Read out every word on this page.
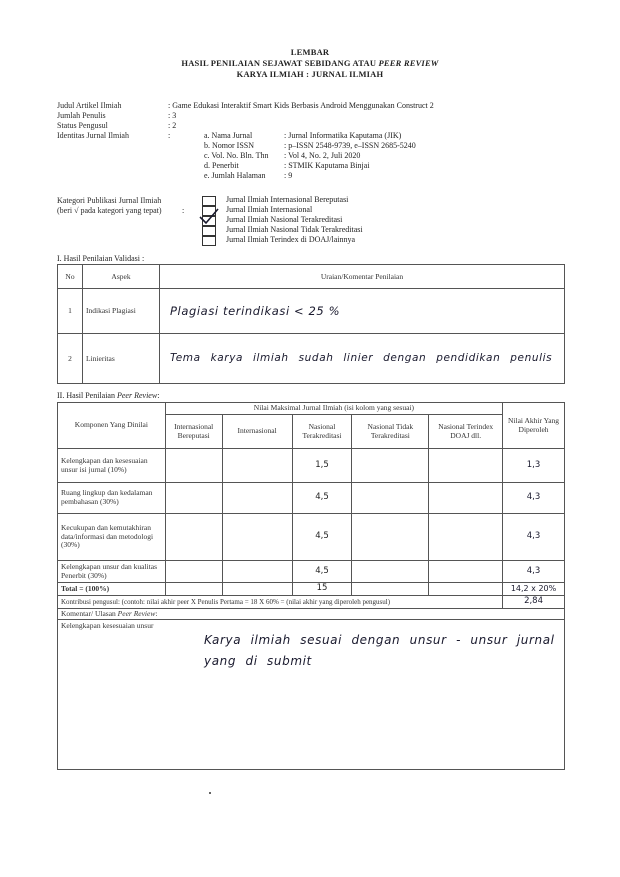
LEMBAR
HASIL PENILAIAN SEJAWAT SEBIDANG ATAU PEER REVIEW
KARYA ILMIAH : JURNAL ILMIAH
Judul Artikel Ilmiah	: Game Edukasi Interaktif Smart Kids Berbasis Android Menggunakan Construct 2
Jumlah Penulis	: 3
Status Pengusul	: 2
Identitas Jurnal Ilmiah	:	a. Nama Jurnal	: Jurnal Informatika Kaputama (JIK)
b. Nomor ISSN	: p–ISSN 2548-9739, e–ISSN 2685-5240
c. Vol. No. Bln. Thn : Vol 4, No. 2, Juli 2020
d. Penerbit	: STMIK Kaputama Binjai
e. Jumlah Halaman : 9
Kategori Publikasi Jurnal Ilmiah
(beri √ pada kategori yang tepat)	:
Jurnal Ilmiah Internasional Bereputasi
Jurnal Ilmiah Internasional
Jurnal Ilmiah Nasional Terakreditasi
Jurnal Ilmiah Nasional Tidak Terakreditasi
Jurnal Ilmiah Terindex di DOAJ/lainnya
I. Hasil Penilaian Validasi :
No	Aspek	Uraian/Komentar Penilaian
1	Indikasi Plagiasi	Plagiasi terindikasi < 25 %
2	Linieritas	Tema karya ilmiah sudah linier dengan pendidikan penulis
II. Hasil Penilaian Peer Review:
Komponen Yang Dinilai	Nilai Maksimal Jurnal Ilmiah (isi kolom yang sesuai)					Nilai Akhir Yang Diperoleh
	Internasional Bereputasi	Internasional	Nasional Terakreditasi	Nasional Tidak Terakreditasi	Nasional Terindex DOAJ dll.	
Kelengkapan dan kesesuaian unsur isi jurnal (10%)			1,5			1,3
Ruang lingkup dan kedalaman pembahasan (30%)			4,5			4,3
Kecukupan dan kemutakhiran data/informasi dan metodologi (30%)			4,5			4,3
Kelengkapan unsur dan kualitas Penerbit (30%)			4,5			4,3
Total = (100%)			15			14,2 x 20%
Kontribusi pengusul: (contoh: nilai akhir peer X Penulis Pertama = 18 X 60% = (nilai akhir yang diperoleh pengusul)						2,84
Komentar/ Ulasan Peer Review:						

Kelengkapan kesesuaian unsur
Karya ilmiah sesuai dengan unsur - unsur jurnal
yang di submit						
